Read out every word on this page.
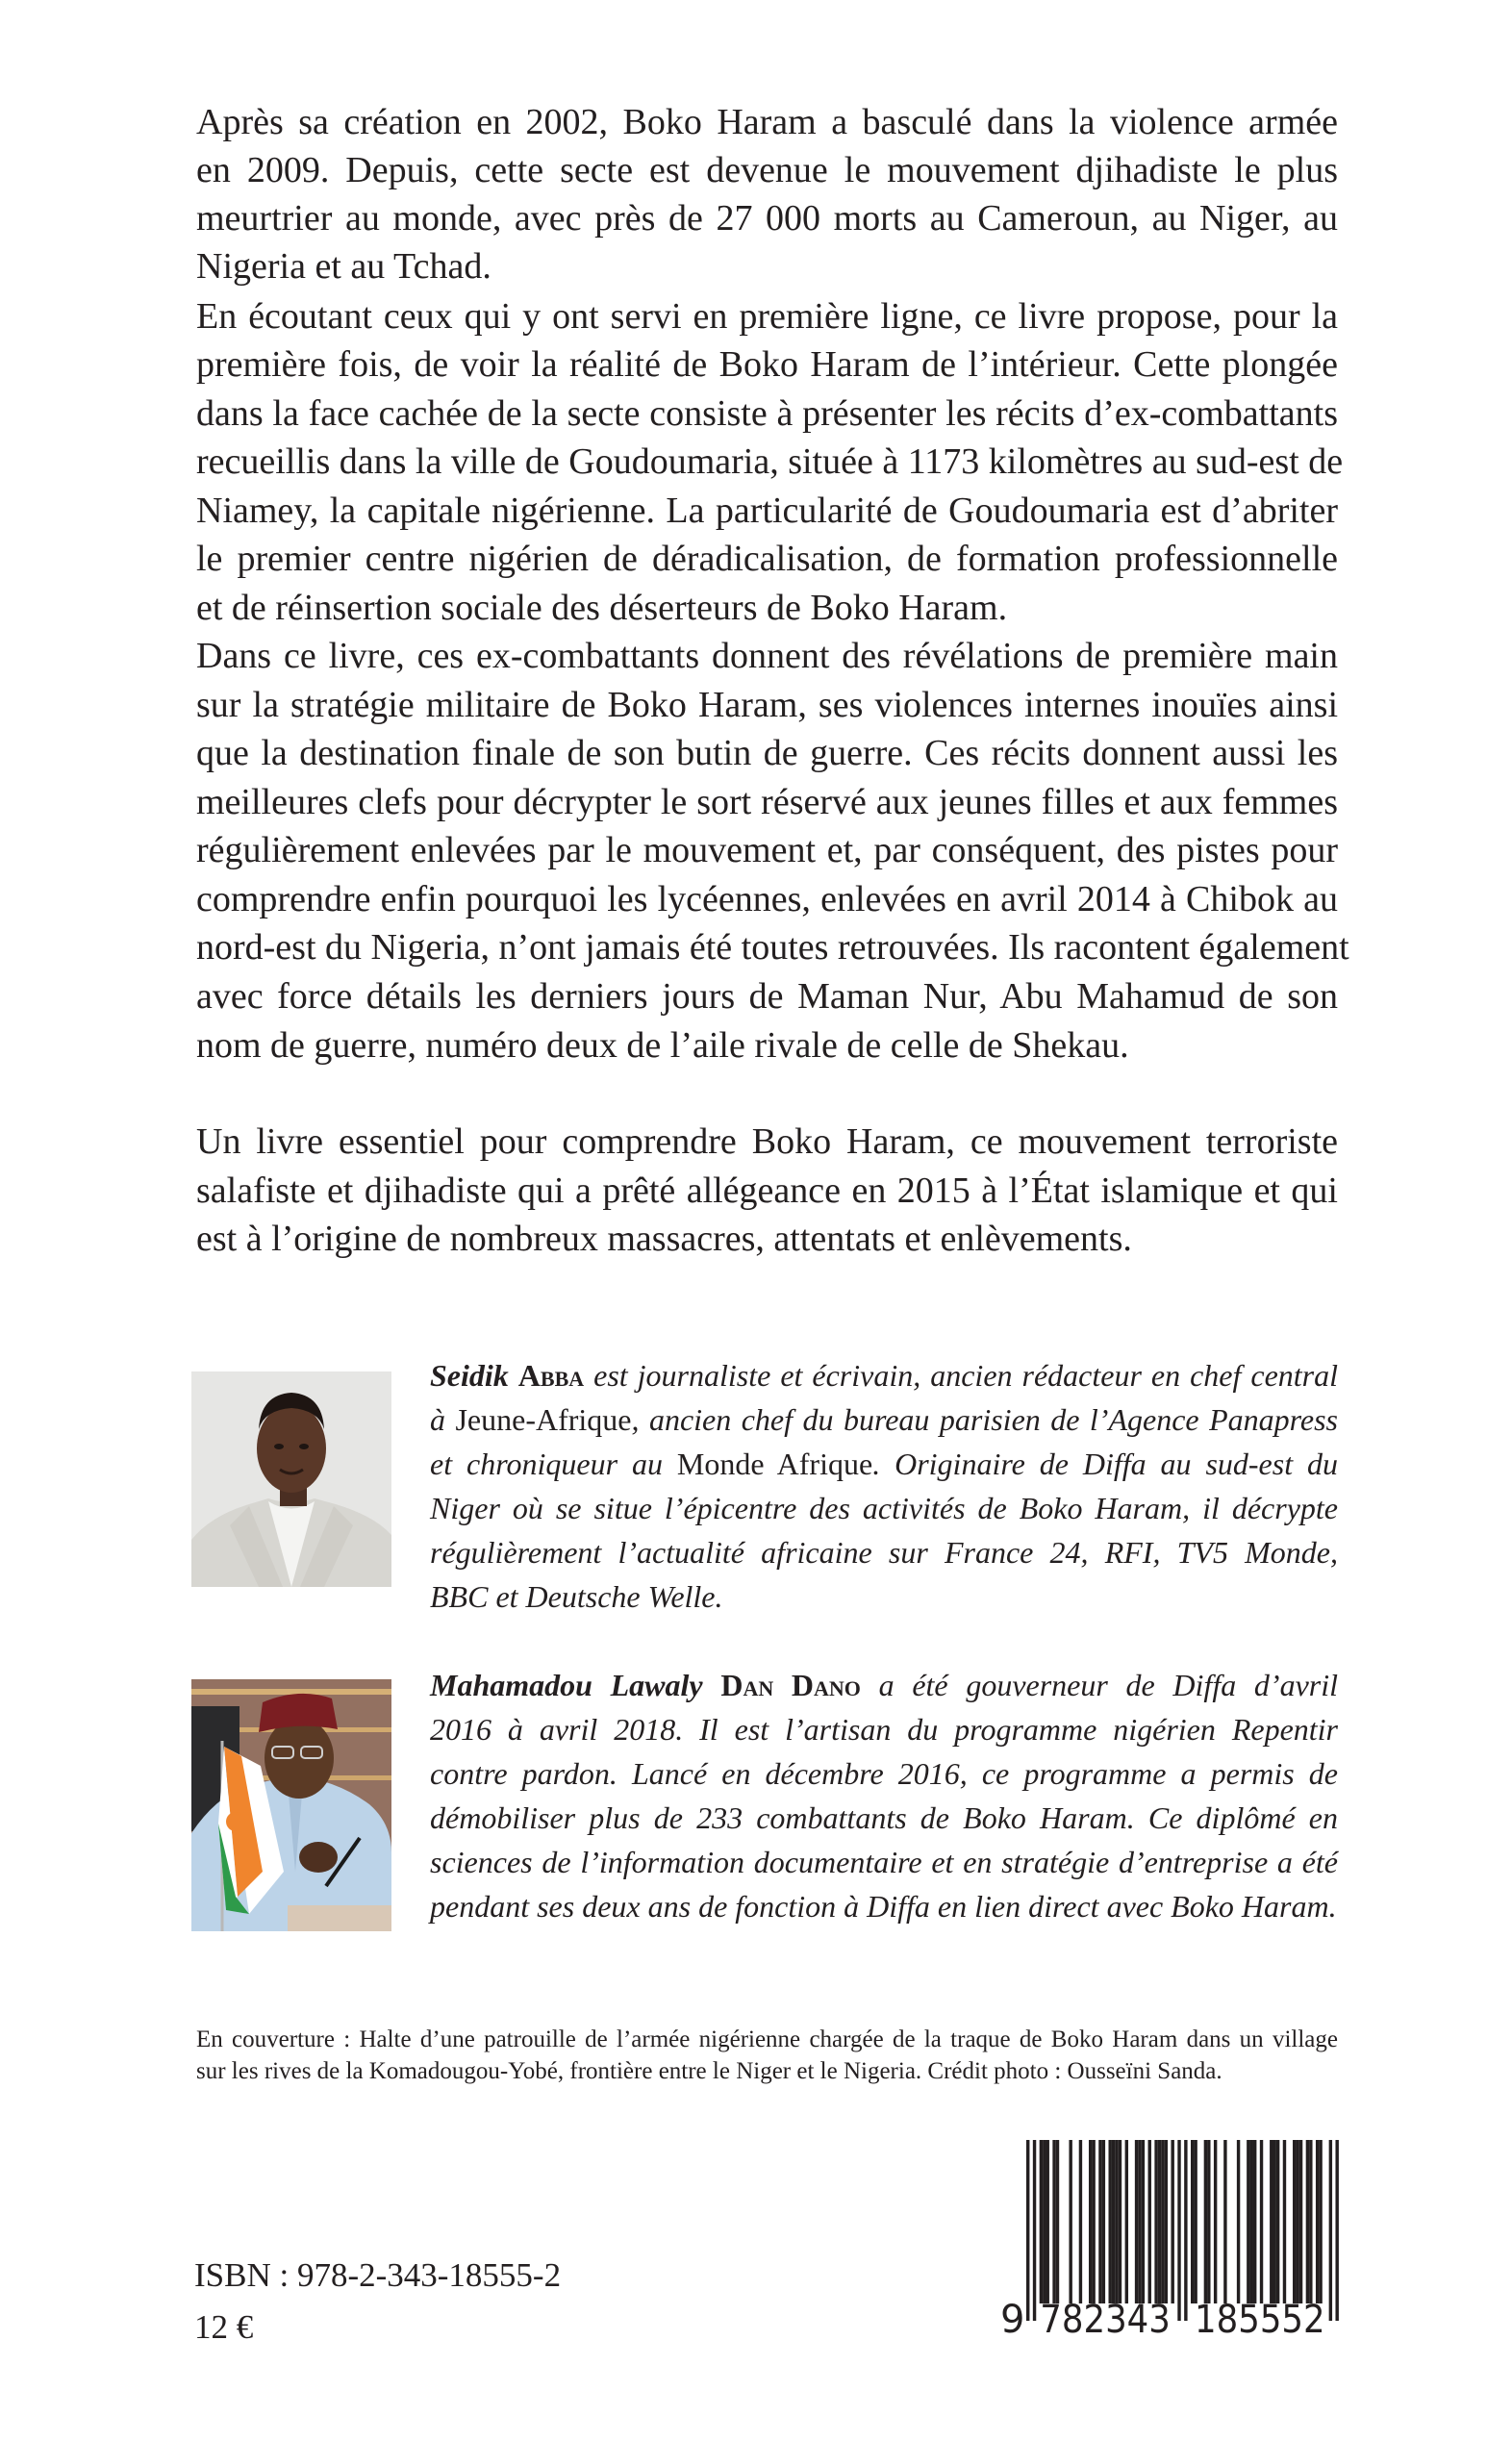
Après sa création en 2002, Boko Haram a basculé dans la violence armée
en 2009. Depuis, cette secte est devenue le mouvement djihadiste le plus
meurtrier au monde, avec près de 27 000 morts au Cameroun, au Niger, au
Nigeria et au Tchad.
En écoutant ceux qui y ont servi en première ligne, ce livre propose, pour la
première fois, de voir la réalité de Boko Haram de l’intérieur. Cette plongée
dans la face cachée de la secte consiste à présenter les récits d’ex-combattants
recueillis dans la ville de Goudoumaria, située à 1173 kilomètres au sud-est de
Niamey, la capitale nigérienne. La particularité de Goudoumaria est d’abriter
le premier centre nigérien de déradicalisation, de formation professionnelle
et de réinsertion sociale des déserteurs de Boko Haram.
Dans ce livre, ces ex-combattants donnent des révélations de première main
sur la stratégie militaire de Boko Haram, ses violences internes inouïes ainsi
que la destination finale de son butin de guerre. Ces récits donnent aussi les
meilleures clefs pour décrypter le sort réservé aux jeunes filles et aux femmes
régulièrement enlevées par le mouvement et, par conséquent, des pistes pour
comprendre enfin pourquoi les lycéennes, enlevées en avril 2014 à Chibok au
nord-est du Nigeria, n’ont jamais été toutes retrouvées. Ils racontent également
avec force détails les derniers jours de Maman Nur, Abu Mahamud de son
nom de guerre, numéro deux de l’aile rivale de celle de Shekau.
Un livre essentiel pour comprendre Boko Haram, ce mouvement terroriste
salafiste et djihadiste qui a prêté allégeance en 2015 à l’État islamique et qui
est à l’origine de nombreux massacres, attentats et enlèvements.
Seidik Abba est journaliste et écrivain, ancien rédacteur en chef central
à Jeune-Afrique, ancien chef du bureau parisien de l’Agence Panapress
et chroniqueur au Monde Afrique. Originaire de Diffa au sud-est du
Niger où se situe l’épicentre des activités de Boko Haram, il décrypte
régulièrement l’actualité africaine sur France 24, RFI, TV5 Monde,
BBC et Deutsche Welle.
Mahamadou Lawaly Dan Dano a été gouverneur de Diffa d’avril
2016 à avril 2018. Il est l’artisan du programme nigérien Repentir
contre pardon. Lancé en décembre 2016, ce programme a permis de
démobiliser plus de 233 combattants de Boko Haram. Ce diplômé en
sciences de l’information documentaire et en stratégie d’entreprise a été
pendant ses deux ans de fonction à Diffa en lien direct avec Boko Haram.
En couverture : Halte d’une patrouille de l’armée nigérienne chargée de la traque de Boko Haram dans un village
sur les rives de la Komadougou-Yobé, frontière entre le Niger et le Nigeria. Crédit photo : Ousseïni Sanda.
ISBN : 978-2-343-18555-2
12 €	9 782343 185552
